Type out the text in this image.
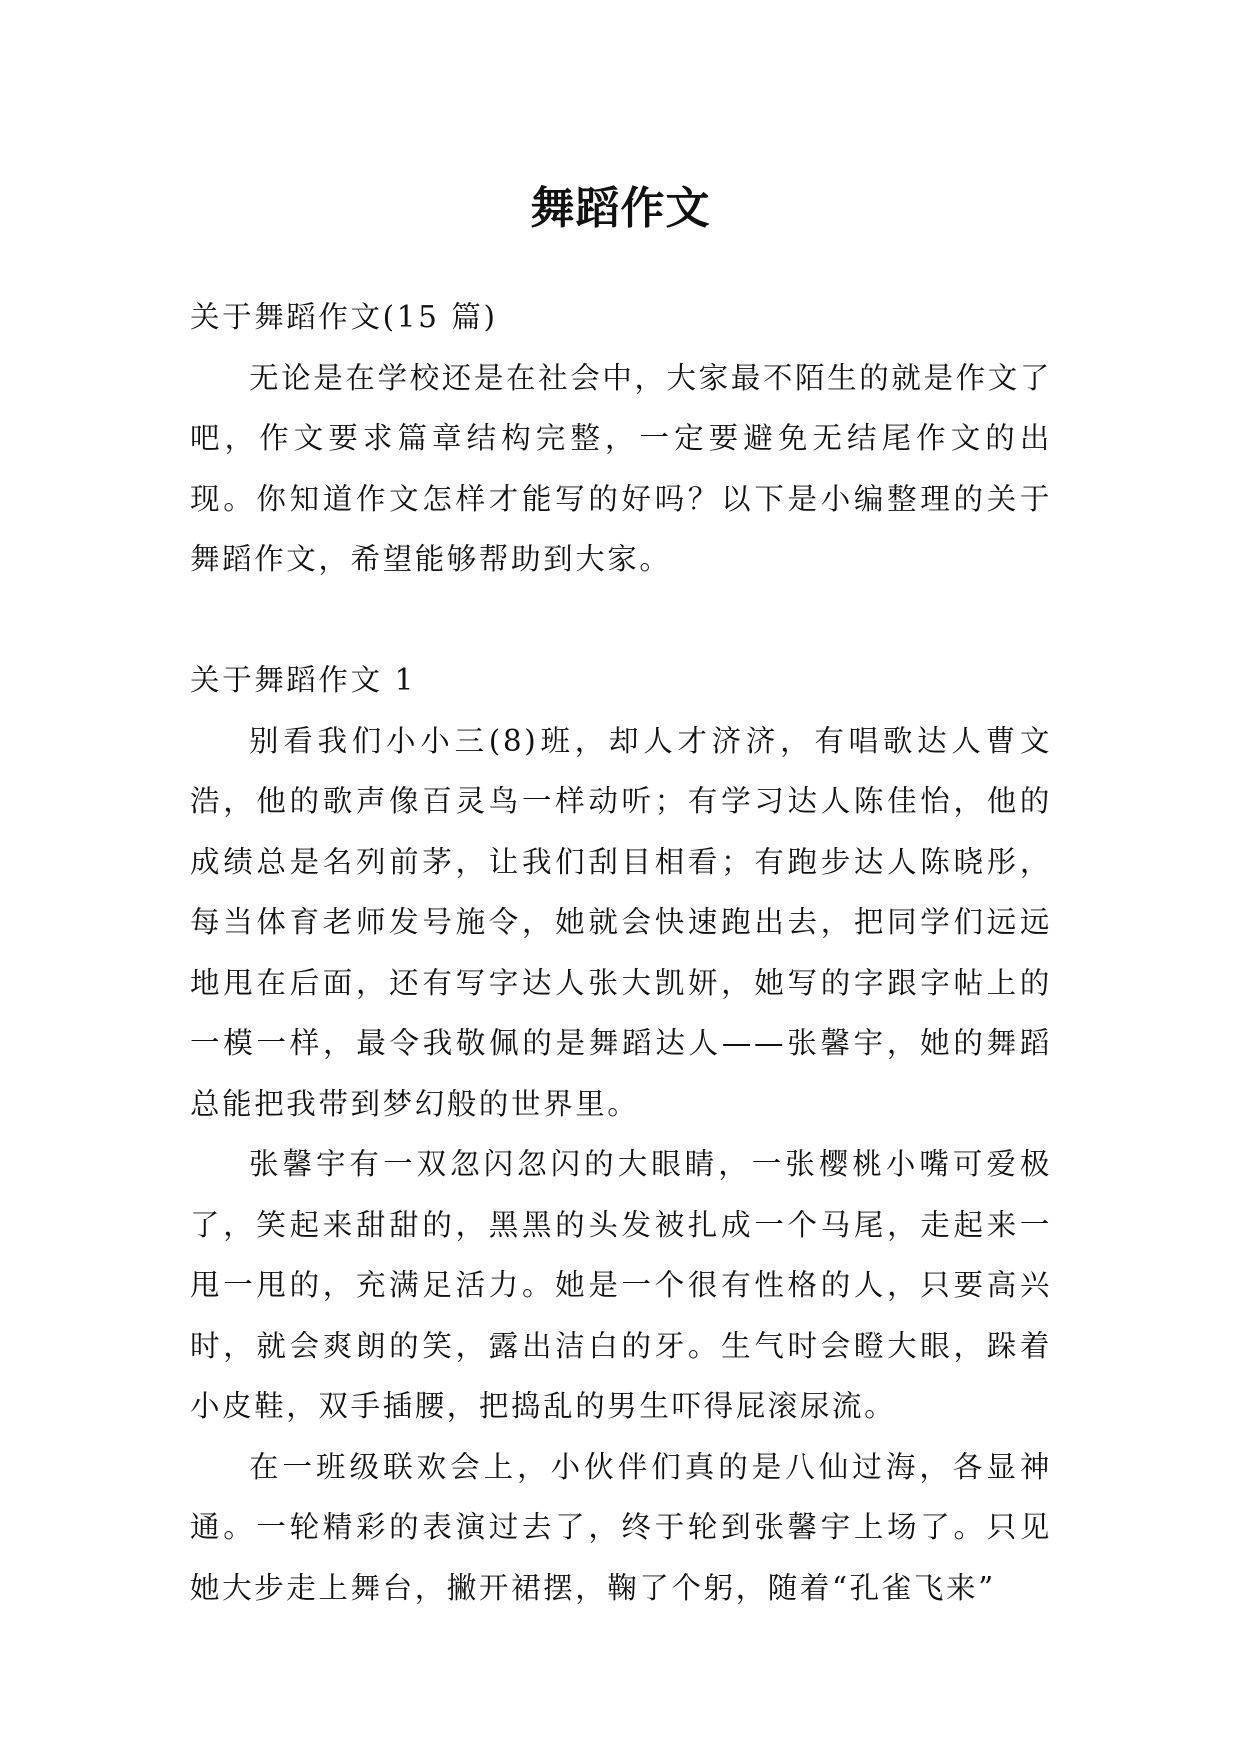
舞蹈作文

关于舞蹈作文(15 篇)

无论是在学校还是在社会中，大家最不陌生的就是作文了吧，作文要求篇章结构完整，一定要避免无结尾作文的出现。你知道作文怎样才能写的好吗？以下是小编整理的关于舞蹈作文，希望能够帮助到大家。

关于舞蹈作文 1

别看我们小小三(8)班，却人才济济，有唱歌达人曹文浩，他的歌声像百灵鸟一样动听；有学习达人陈佳怡，他的成绩总是名列前茅，让我们刮目相看；有跑步达人陈晓彤，每当体育老师发号施令，她就会快速跑出去，把同学们远远地甩在后面，还有写字达人张大凯妍，她写的字跟字帖上的一模一样，最令我敬佩的是舞蹈达人——张馨宇，她的舞蹈总能把我带到梦幻般的世界里。

张馨宇有一双忽闪忽闪的大眼睛，一张樱桃小嘴可爱极了，笑起来甜甜的，黑黑的头发被扎成一个马尾，走起来一甩一甩的，充满足活力。她是一个很有性格的人，只要高兴时，就会爽朗的笑，露出洁白的牙。生气时会瞪大眼，跺着小皮鞋，双手插腰，把捣乱的男生吓得屁滚尿流。

在一班级联欢会上，小伙伴们真的是八仙过海，各显神通。一轮精彩的表演过去了，终于轮到张馨宇上场了。只见她大步走上舞台，撇开裙摆，鞠了个躬，随着“孔雀飞来”
